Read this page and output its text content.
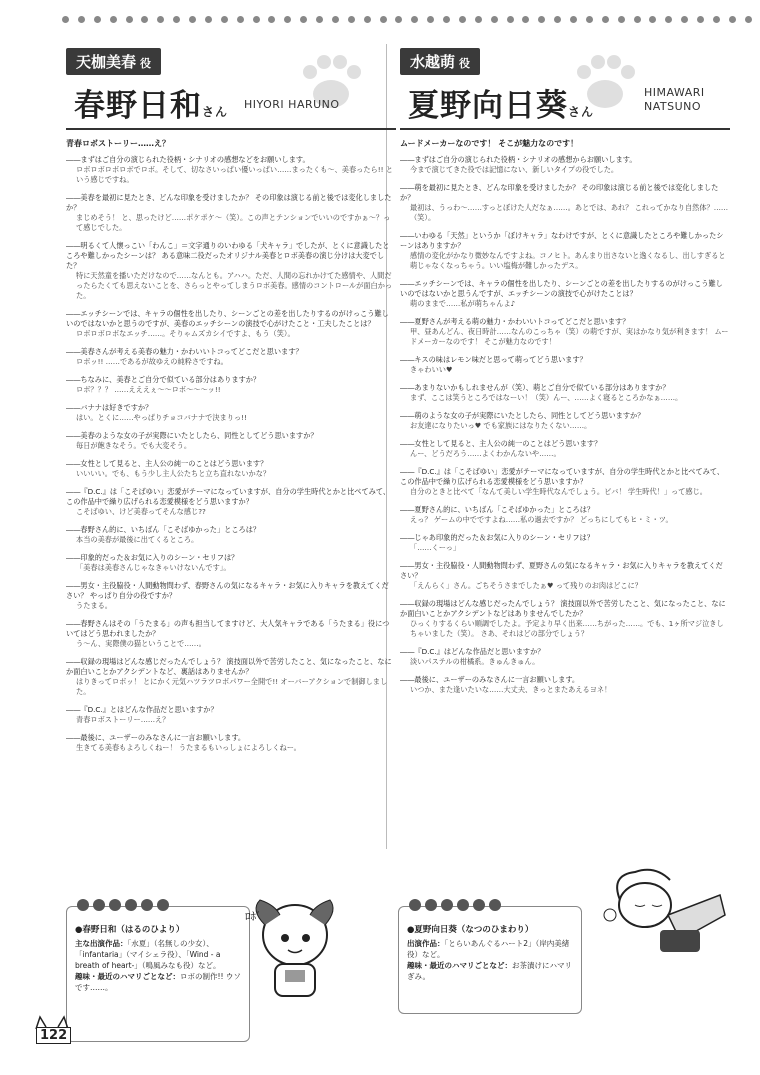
天枷美春 役
春野日和さん
HIYORI HARUNO
青春ロボストーリー……え？
――まずはご自分の演じられた役柄・シナリオの感想などをお願いします。
ロボロボロボロボでロボ。そして、切なさいっぱい優いっぱい……まったくも～、美春ったら!! という感じですね。
――美春を最初に見たとき、どんな印象を受けましたか？ その印象は演じる前と後では変化しましたか？
まじめそう！ と、思ったけど……ポケポケ～（笑）。この声とテンションでいいのですかぁ～？って感じでした。
――明るくて人懐っこい「わんこ」＝文字通りのいわゆる「犬キャラ」でしたが、とくに意識したところや難しかったシーンは？ ある意味二役だったオリジナル美春とロボ美春の演じ分けは大変でした？
特に天然童を播いただけなので……なんとも。アハハ。ただ、人間の忘れかけてた感情や、人間だったらたくても思えないことを、さらっとやってしまうロボ美春。感情のコントロールが面白かった。
――エッチシーンでは、キャラの個性を出したり、シーンごとの差を出したりするのがけっこう難しいのではないかと思うのですが、美春のエッチシーンの演技で心がけたこと・工夫したことは？
ロボロボロボなエッチ……。そりゃムズカシイですよ、もう（笑）。
――美春さんが考える美春の魅力・かわいいトコってどこだと思います？
ロボッ!! ……であるが故ゆえの純粋さですね。
――ちなみに、美春とご自分で似ている部分はありますか？
ロボ？？？ ……えええぇ～～ロボ～～～ッ!!
――バナナは好きですか？
はい。とくに……やっぱりチョコバナナで決まりっ!!
――美春のような女の子が実際にいたとしたら、同性としてどう思いますか？
毎日が飽きなそう。でも大変そう。
――女性として見ると、主人公の純一のことはどう思います？
いいいい。でも、もう少し主人公たちと立ち直れないかな？
――『D.C.』は「こそばゆい」恋愛がテーマになっていますが、自分の学生時代とかと比べてみて、この作品中で繰り広げられる恋愛模様をどう思いますか？
こそばゆい、けど美春ってそんな感じ??
――春野さん的に、いちばん「こそばゆかった」ところは？
本当の美春が最後に出てくるところ。
――印象的だった＆お気に入りのシーン・セリフは？
「美春は美春さんじゃなきゃいけないんです」。
――男女・主役脇役・人間動物問わず、春野さんの気になるキャラ・お気に入りキャラを教えてください？ やっぱり自分の役ですか？
うたまる。
――春野さんはその「うたまる」の声も担当してますけど、大人気キャラである「うたまる」役についてはどう思われましたか？
う～ん、実際僕の猫ということで……。
――収録の現場はどんな感じだったんでしょう？ 演技面以外で苦労したこと、気になったこと、なにか面白いことかアクシデントなど、裏話はありませんか？
はりきってロボッ！ とにかく元気ハツラツロボパワー全開で!! オーバーアクションで制御しました。
――『D.C.』とはどんな作品だと思いますか？
青春ロボストーリー……え？
――最後に、ユーザーのみなさんに一言お願いします。
生きてる美春もよろしくねー！ うたまるもいっしょによろしくねー。
水越萌 役
夏野向日葵さん
HIMAWARI
NATSUNO
ムードメーカーなのです！ そこが魅力なのです！
――まずはご自分の演じられた役柄・シナリオの感想からお願いします。
今まで演じてきた役では記憶にない、新しいタイプの役でした。
――萌を最初に見たとき、どんな印象を受けましたか？ その印象は演じる前と後では変化しましたか？
最初は、うっわ～……すっとぼけた人だなぁ……。あとでは、あれ？ これってかなり自然体？……（笑）。
――いわゆる「天然」というか「ぼけキャラ」なわけですが、とくに意識したところや難しかったシーンはありますか？
感情の変化がかなり微妙なんですよね。コノヒト。あんまり出さないと逸くなるし、出しすぎると萌じゃなくなっちゃう。いい塩梅が難しかったデス。
――エッチシーンでは、キャラの個性を出したり、シーンごとの差を出したりするのがけっこう難しいのではないかと思うんですが、エッチシーンの演技で心がけたことは？
萌のままで……私が萌ちゃんよ♪
――夏野さんが考える萌の魅力・かわいいトコってどこだと思います？
甲、昼あんどん、夜日時計……なんのこっちゃ（笑）の萌ですが、実はかなり気が利きます！ ムードメーカーなのです！ そこが魅力なのです！
――キスの味はレモン味だと思って萌ってどう思います？
きゃわいい♥
――あまりないかもしれませんが（笑）、萌とご自分で似ている部分はありますか？
まず、ここは笑うところではなーい！（笑）んー、……よく寝るところかなぁ……。
――萌のような女の子が実際にいたとしたら、同性としてどう思いますか？
お友達になりたいっ♥ でも家族にはなりたくない……。
――女性として見ると、主人公の純一のことはどう思います？
んー、どうだろう……よくわかんないや……。
――『D.C.』は「こそばゆい」恋愛がテーマになっていますが、自分の学生時代とかと比べてみて、この作品中で繰り広げられる恋愛模様をどう思いますか？
自分のときと比べて「なんて美しい学生時代なんでしょう。ビバ！ 学生時代！」って感じ。
――夏野さん的に、いちばん「こそばゆかった」ところは？
えっ？ ゲームの中でですよね……私の過去ですか？ どっちにしてもヒ・ミ・ツ。
――じゃあ印象的だった＆お気に入りのシーン・セリフは？
「……くーっ」
――男女・主役脇役・人間動物問わず、夏野さんの気になるキャラ・お気に入りキャラを教えてください？
「えんらく」さん。ごちそうさまでしたぁ♥ って残りのお肉はどこに？
――収録の現場はどんな感じだったんでしょう？ 演技面以外で苦労したこと、気になったこと、なにか面白いことかアクシデントなどはありませんでしたか？
ひっくりするくらい順調でしたよ。予定より早く出来……ちがった……。でも、1ヶ所マジ泣きしちゃいました（笑）。 さあ、それはどの部分でしょう？
――『D.C.』はどんな作品だと思いますか？
淡いパステルの柑橘系。きゅんきゅん。
――最後に、ユーザーのみなさんに一言お願いします。
いつか、また逢いたいな……大丈夫、きっとまたあえるヨネ！
●春野日和（はるのひより）
主な出演作品：「水夏」（名無しの少女）、「infantaria」（マイシェラ役）、「Wind - a breath of heart-」（鳴風みなも役）など。
趣味・最近のハマリごとなど：ロボの制作!! ウソです……。
ﾛﾎﾞ
●夏野向日葵（なつのひまわり）
出演作品：「とらいあんぐるハート2」（岸内美緒役）など。
趣味・最近のハマリごとなど：お茶漬けにハマリぎみ。
122
